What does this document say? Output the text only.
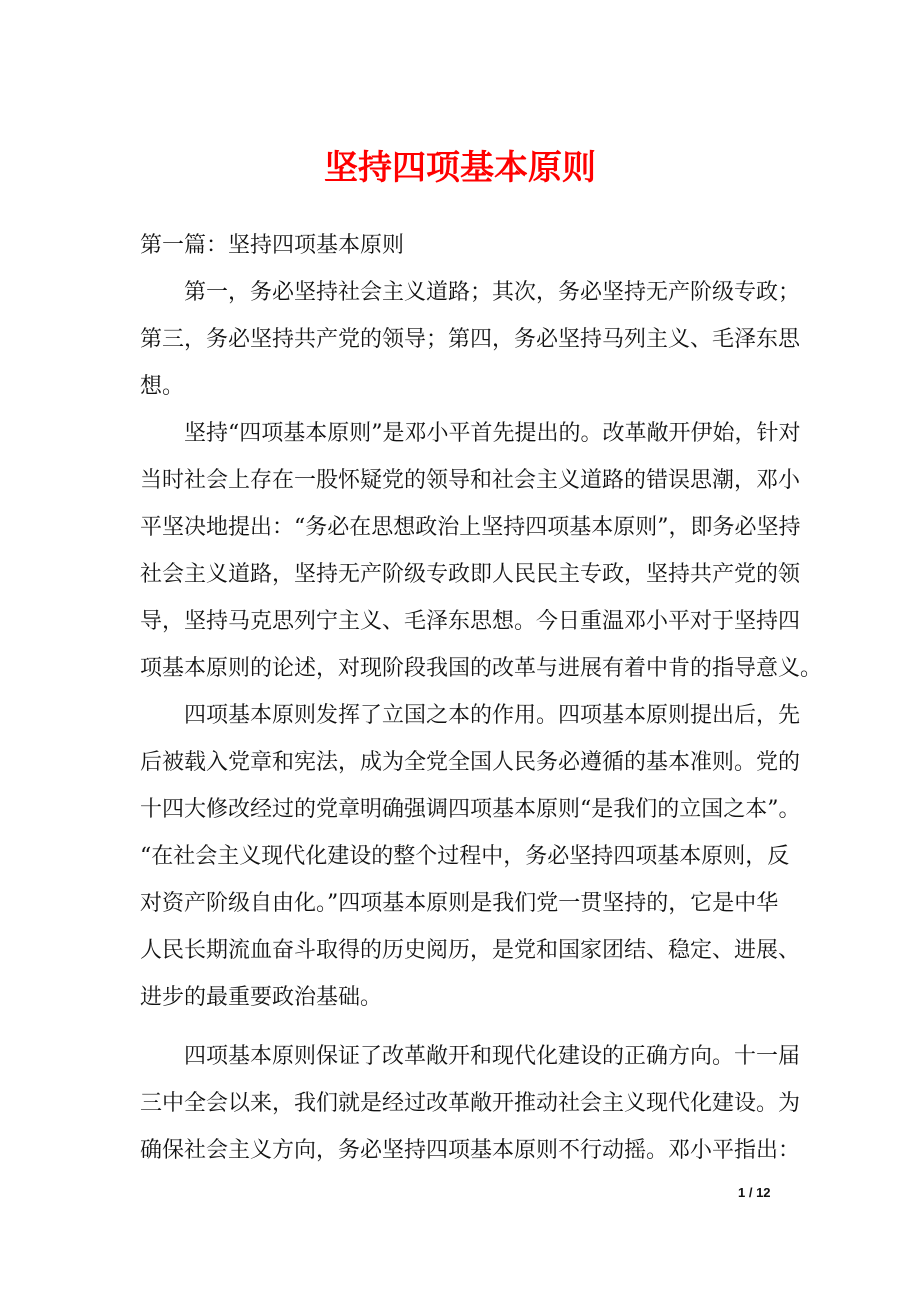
坚持四项基本原则
第一篇：坚持四项基本原则
　　第一，务必坚持社会主义道路；其次，务必坚持无产阶级专政；
第三，务必坚持共产党的领导；第四，务必坚持马列主义、毛泽东思
想。
　　坚持“四项基本原则”是邓小平首先提出的。改革敞开伊始，针对
当时社会上存在一股怀疑党的领导和社会主义道路的错误思潮，邓小
平坚决地提出：“务必在思想政治上坚持四项基本原则”，即务必坚持
社会主义道路，坚持无产阶级专政即人民民主专政，坚持共产党的领
导，坚持马克思列宁主义、毛泽东思想。今日重温邓小平对于坚持四
项基本原则的论述，对现阶段我国的改革与进展有着中肯的指导意义。
　　四项基本原则发挥了立国之本的作用。四项基本原则提出后，先
后被载入党章和宪法，成为全党全国人民务必遵循的基本准则。党的
十四大修改经过的党章明确强调四项基本原则“是我们的立国之本”。
“在社会主义现代化建设的整个过程中，务必坚持四项基本原则，反
对资产阶级自由化。”四项基本原则是我们党一贯坚持的，它是中华
人民长期流血奋斗取得的历史阅历，是党和国家团结、稳定、进展、
进步的最重要政治基础。
　　四项基本原则保证了改革敞开和现代化建设的正确方向。十一届
三中全会以来，我们就是经过改革敞开推动社会主义现代化建设。为
确保社会主义方向，务必坚持四项基本原则不行动摇。邓小平指出：
1 / 12
